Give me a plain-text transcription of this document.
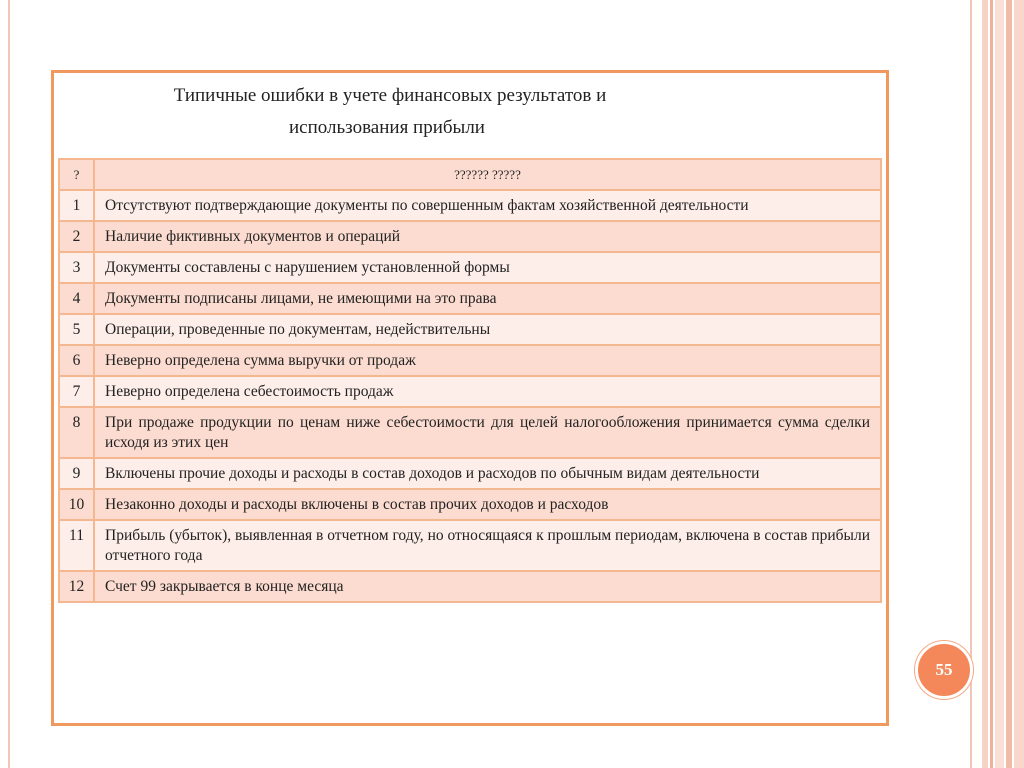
Типичные ошибки в учете финансовых результатов и
использования прибыли
?	?????? ?????
1	Отсутствуют подтверждающие документы по совершенным фактам хозяйственной деятельности
2	Наличие фиктивных документов и операций
3	Документы составлены с нарушением установленной формы
4	Документы подписаны лицами, не имеющими на это права
5	Операции, проведенные по документам, недействительны
6	Неверно определена сумма выручки от продаж
7	Неверно определена себестоимость продаж
8	При продаже продукции по ценам ниже себестоимости для целей налогообложения принимается сумма сделки исходя из этих цен
9	Включены прочие доходы и расходы в состав доходов и расходов по обычным видам деятельности
10	Незаконно доходы и расходы включены в состав прочих доходов и расходов
11	Прибыль (убыток), выявленная в отчетном году, но относящаяся к прошлым периодам, включена в состав прибыли отчетного года
12	Счет 99 закрывается в конце месяца
55
